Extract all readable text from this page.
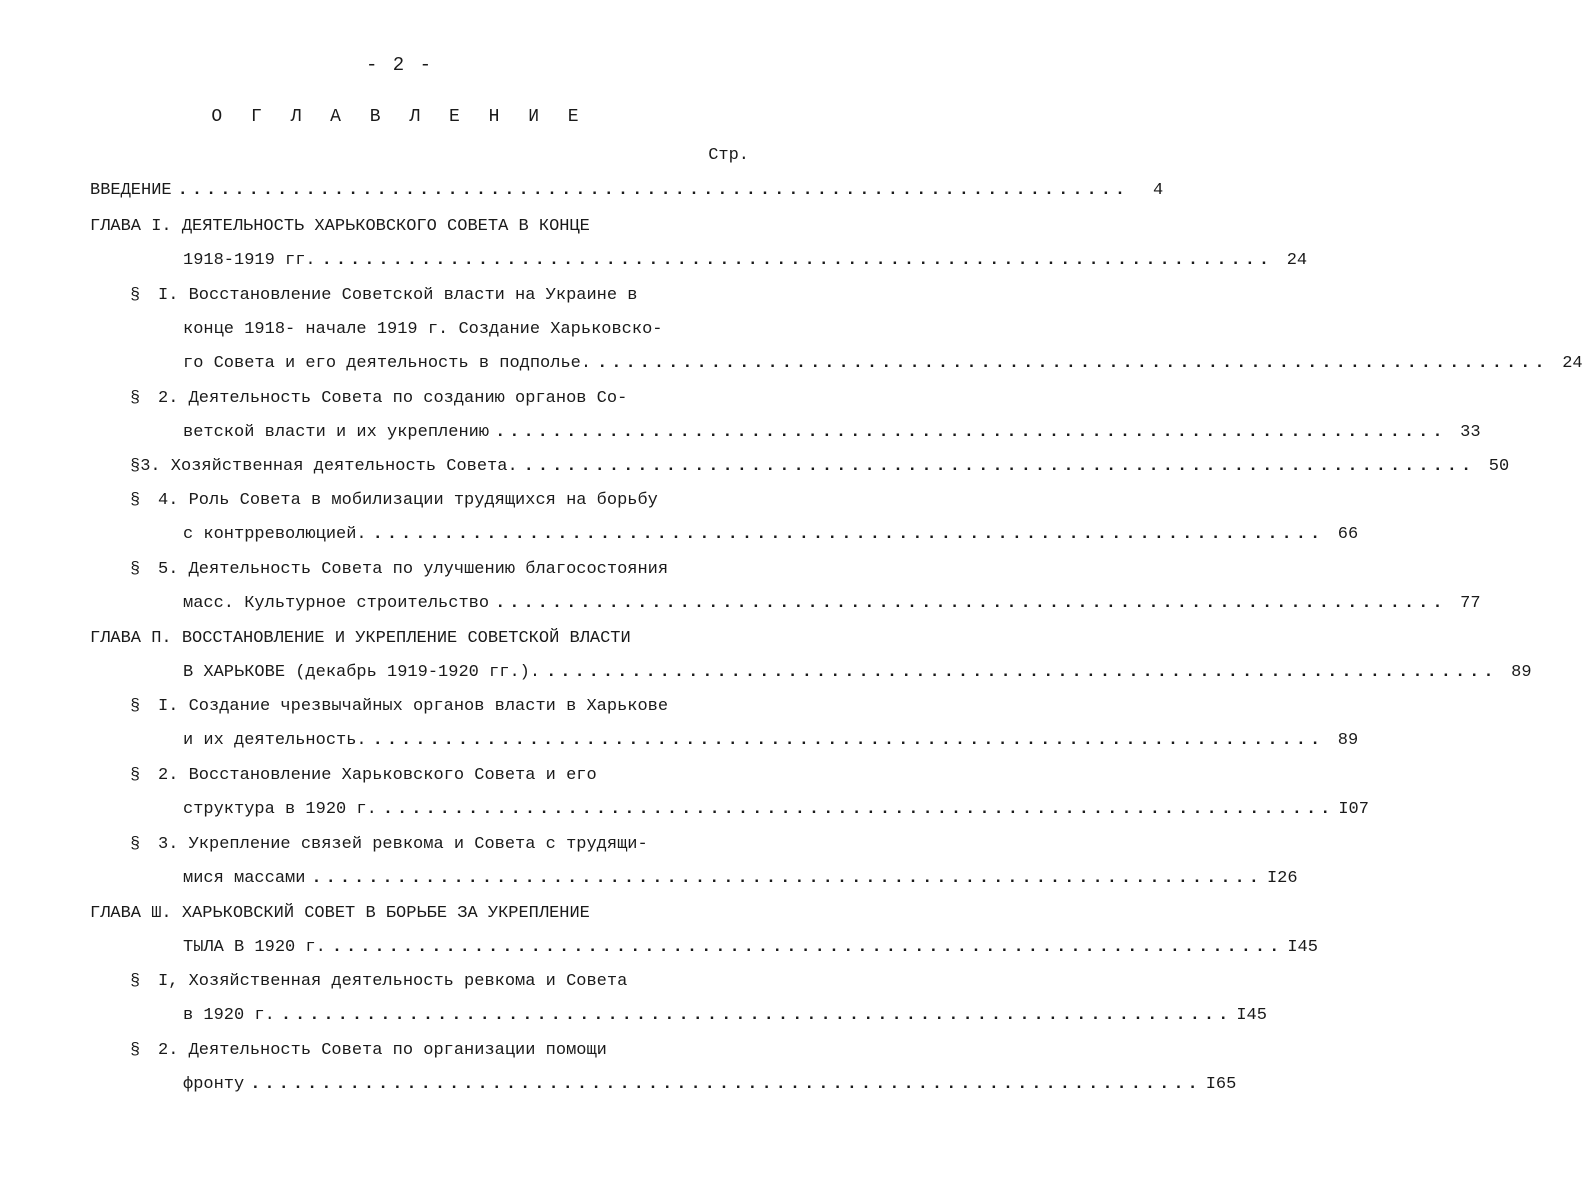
- 2 -
О Г Л А В Л Е Н И Е
Стр.
ВВЕДЕНИЕ ...................................................................	4
ГЛАВА I. ДЕЯТЕЛЬНОСТЬ ХАРЬКОВСКОГО СОВЕТА В КОНЦЕ
1918-1919 гг. ................................................................... 24
§	I. Восстановление Советской власти на Украине в
конце 1918- начале 1919 г. Создание Харьковско-
го Совета и его деятельность в подполье. ................................................................... 24
§	2. Деятельность Совета по созданию органов Со-
ветской власти и их укреплению ................................................................... 33
§ 3. Хозяйственная деятельность Совета. ................................................................... 50
§	4. Роль Совета в мобилизации трудящихся на борьбу
с контрреволюцией. ................................................................... 66
§	5. Деятельность Совета по улучшению благосостояния
масс. Культурное строительство ................................................................... 77
ГЛАВА П. ВОССТАНОВЛЕНИЕ И УКРЕПЛЕНИЕ СОВЕТСКОЙ ВЛАСТИ
В ХАРЬКОВЕ (декабрь 1919-1920 гг.). ................................................................... 89
§	I. Создание чрезвычайных органов власти в Харькове
и их деятельность. ................................................................... 89
§	2. Восстановление Харьковского Совета и его
структура в 1920 г. ................................................................... I07
§	3. Укрепление связей ревкома и Совета с трудящи-
мися массами ................................................................... I26
ГЛАВА Ш. ХАРЬКОВСКИЙ СОВЕТ В БОРЬБЕ ЗА УКРЕПЛЕНИЕ
ТЫЛА В 1920 г. ................................................................... I45
§	I, Хозяйственная деятельность ревкома и Совета
в 1920 г. ................................................................... I45
§	2. Деятельность Совета по организации помощи
фронту ................................................................... I65
